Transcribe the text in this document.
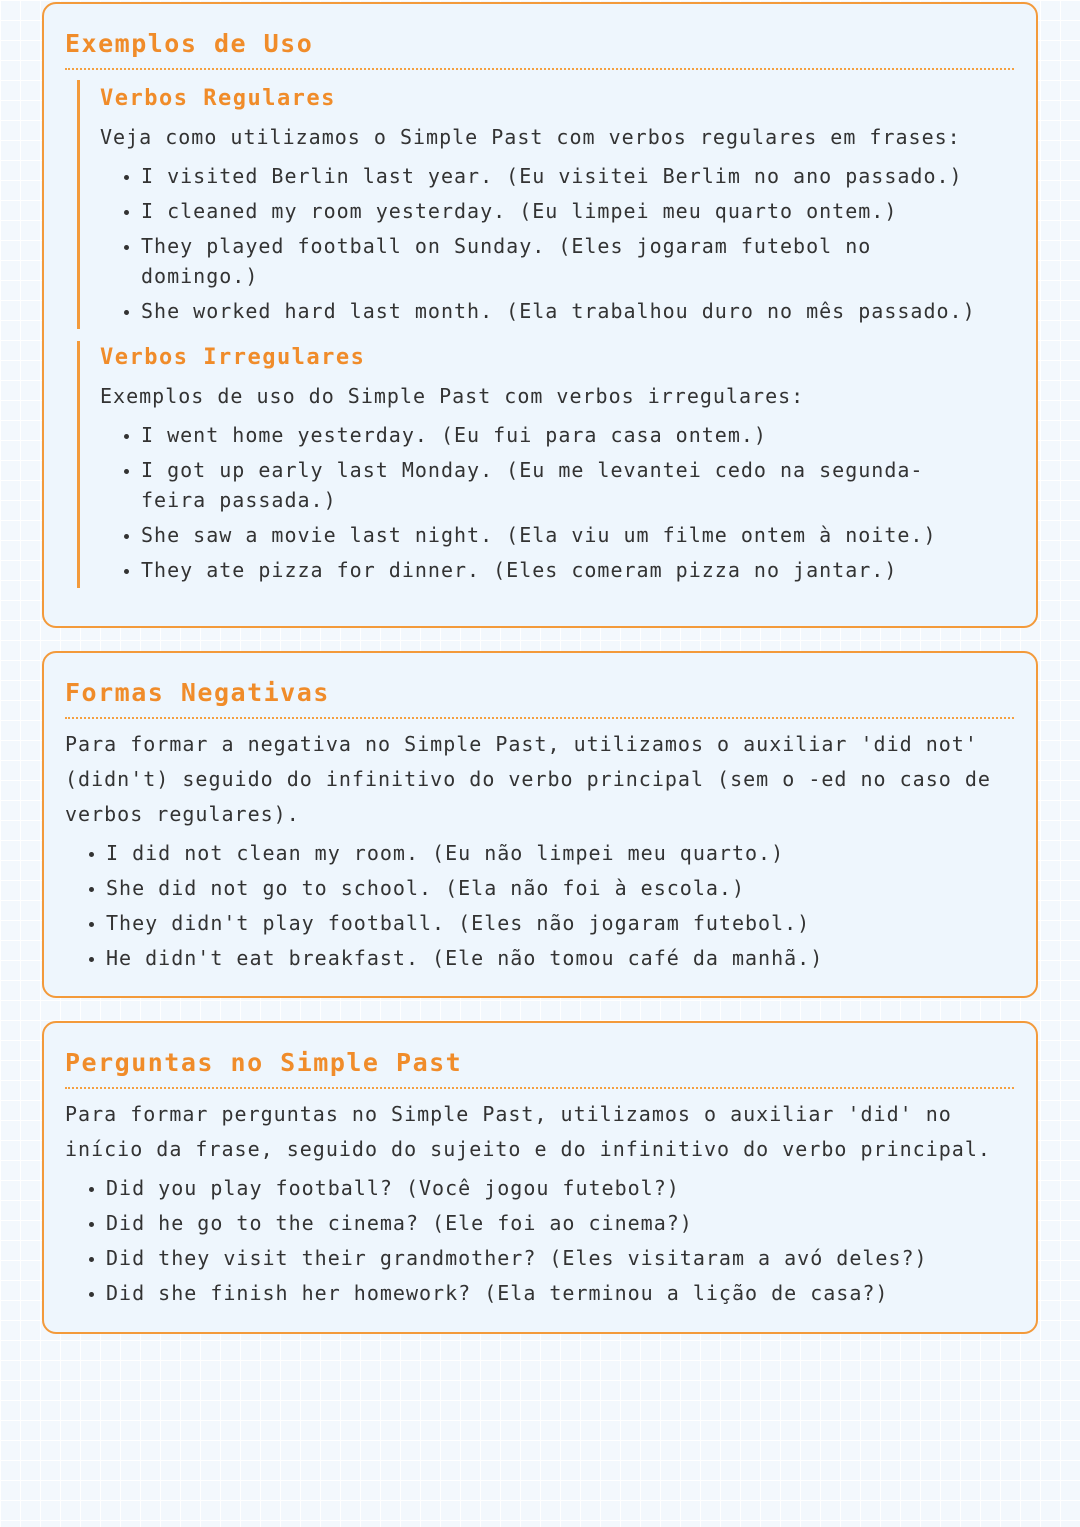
Exemplos de Uso
Verbos Regulares

Veja como utilizamos o Simple Past com verbos regulares em frases:

• I visited Berlin last year. (Eu visitei Berlim no ano passado.)
• I cleaned my room yesterday. (Eu limpei meu quarto ontem.)
• They played football on Sunday. (Eles jogaram futebol no domingo.)
• She worked hard last month. (Ela trabalhou duro no mês passado.)
Verbos Irregulares

Exemplos de uso do Simple Past com verbos irregulares:

• I went home yesterday. (Eu fui para casa ontem.)
• I got up early last Monday. (Eu me levantei cedo na segunda-feira passada.)
• She saw a movie last night. (Ela viu um filme ontem à noite.)
• They ate pizza for dinner. (Eles comeram pizza no jantar.)
Formas Negativas

Para formar a negativa no Simple Past, utilizamos o auxiliar 'did not' (didn't) seguido do infinitivo do verbo principal (sem o -ed no caso de verbos regulares).

• I did not clean my room. (Eu não limpei meu quarto.)
• She did not go to school. (Ela não foi à escola.)
• They didn't play football. (Eles não jogaram futebol.)
• He didn't eat breakfast. (Ele não tomou café da manhã.)
Perguntas no Simple Past

Para formar perguntas no Simple Past, utilizamos o auxiliar 'did' no início da frase, seguido do sujeito e do infinitivo do verbo principal.

• Did you play football? (Você jogou futebol?)
• Did he go to the cinema? (Ele foi ao cinema?)
• Did they visit their grandmother? (Eles visitaram a avó deles?)
• Did she finish her homework? (Ela terminou a lição de casa?)
